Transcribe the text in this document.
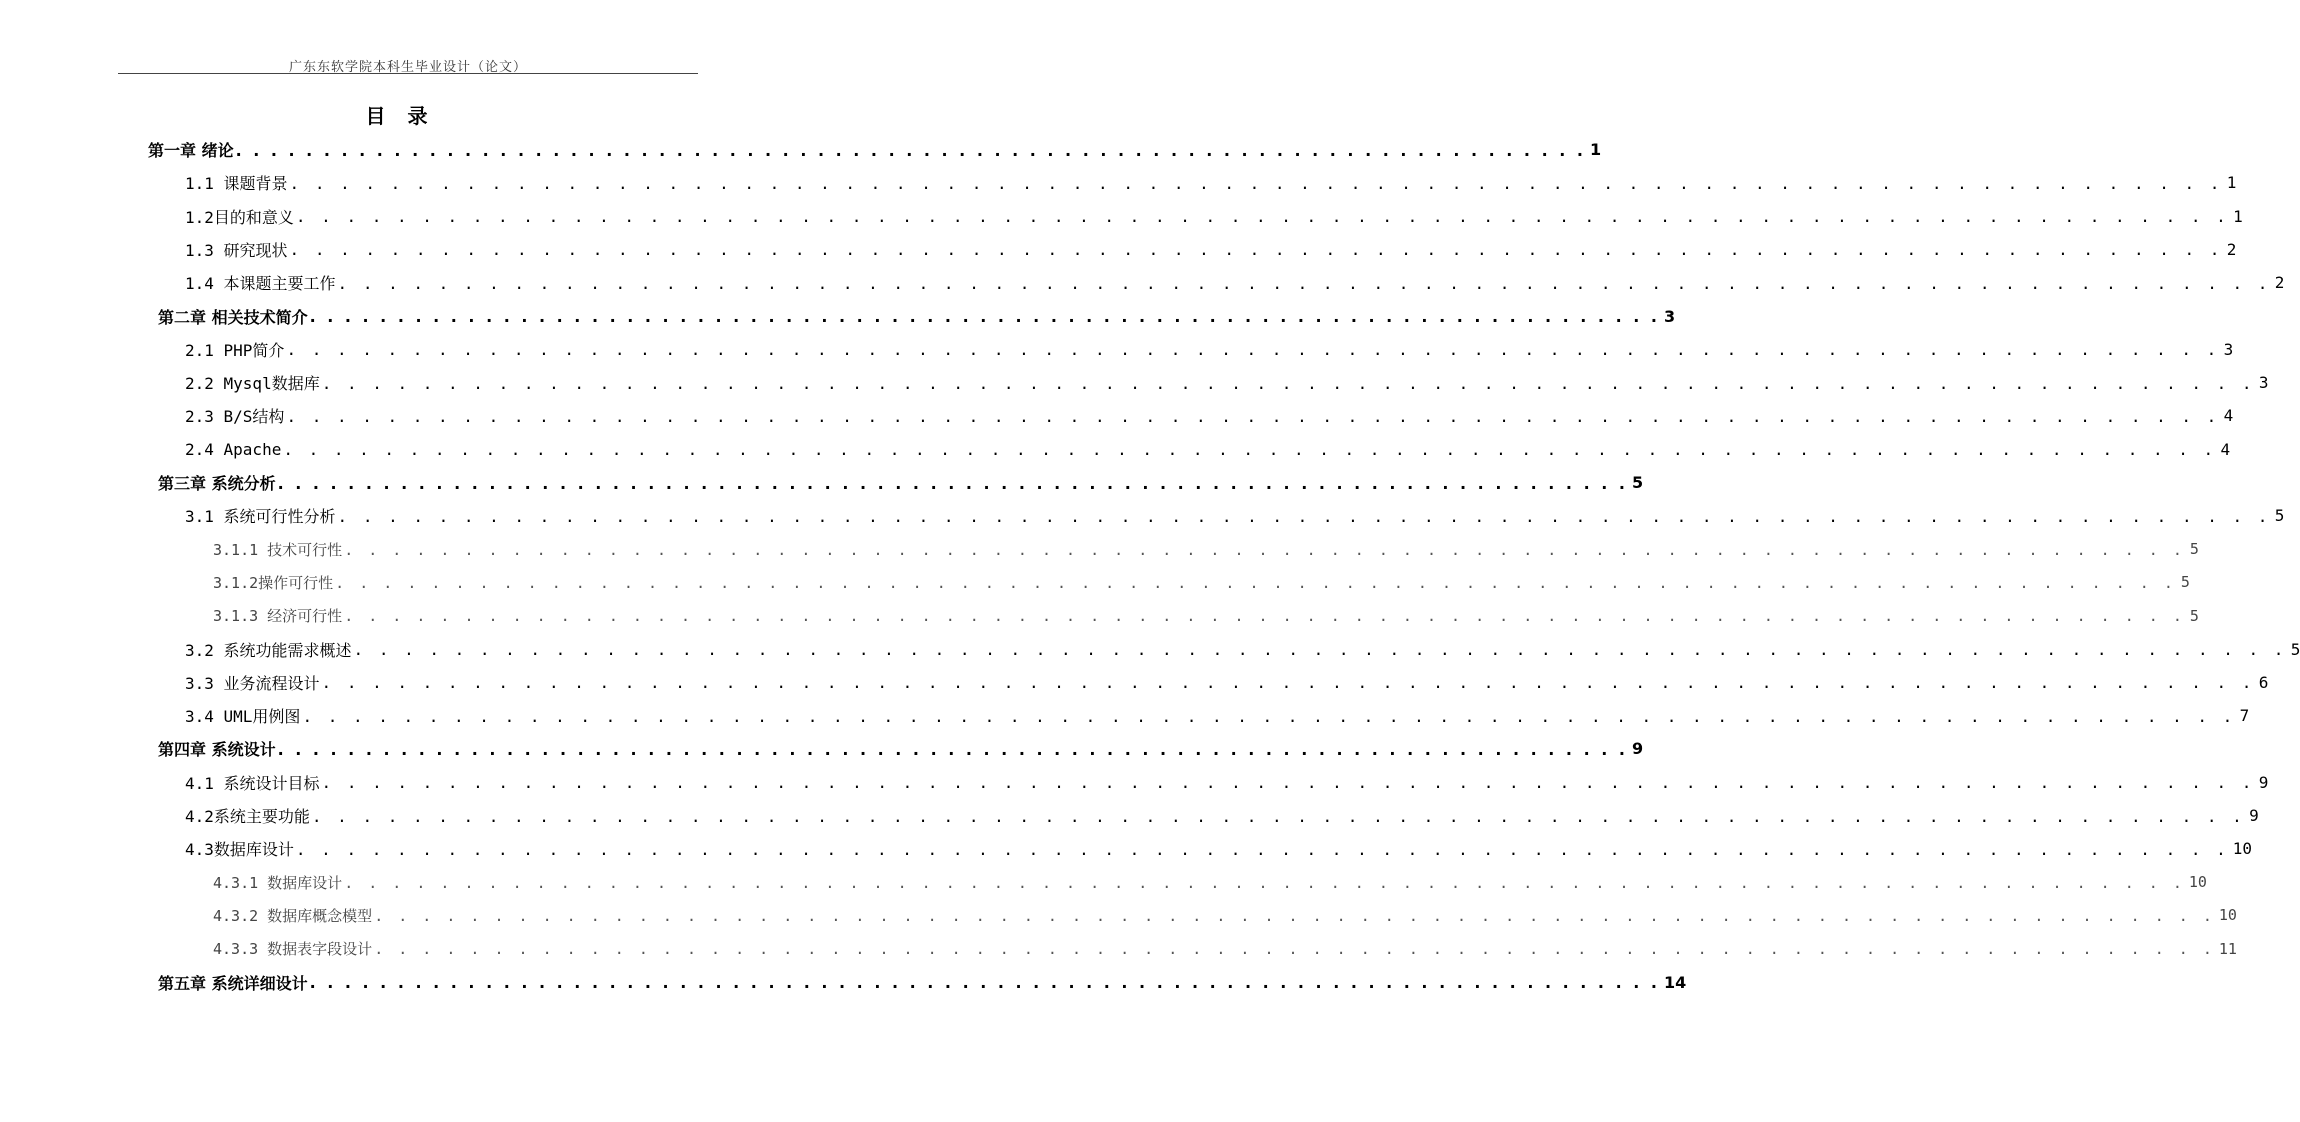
广东东软学院本科生毕业设计（论文）
目录
第一章 绪论 . . . . . . . . . . . . . . . . . . . . . . . . . . . . . . . . . . . . . . . . . . . . . . . . . . . . . . . . . . . . . . . . . . . . . . . . . . . . . 1
1.1 课题背景 . . . . . . . . . . . . . . . . . . . . . . . . . . . . . . . . . . . . . . . . . . . . . . . . . . . . . . . . . . . . . . . . . . . . . . . . . . . . . 1
1.2目的和意义 . . . . . . . . . . . . . . . . . . . . . . . . . . . . . . . . . . . . . . . . . . . . . . . . . . . . . . . . . . . . . . . . . . . . . . . . . . . . . 1
1.3 研究现状 . . . . . . . . . . . . . . . . . . . . . . . . . . . . . . . . . . . . . . . . . . . . . . . . . . . . . . . . . . . . . . . . . . . . . . . . . . . . . 2
1.4 本课题主要工作 . . . . . . . . . . . . . . . . . . . . . . . . . . . . . . . . . . . . . . . . . . . . . . . . . . . . . . . . . . . . . . . . . . . . . . . . . . . . . 2
第二章 相关技术简介 . . . . . . . . . . . . . . . . . . . . . . . . . . . . . . . . . . . . . . . . . . . . . . . . . . . . . . . . . . . . . . . . . . . . . . . . . . . . . 3
2.1 PHP简介 . . . . . . . . . . . . . . . . . . . . . . . . . . . . . . . . . . . . . . . . . . . . . . . . . . . . . . . . . . . . . . . . . . . . . . . . . . . . . 3
2.2 Mysql数据库 . . . . . . . . . . . . . . . . . . . . . . . . . . . . . . . . . . . . . . . . . . . . . . . . . . . . . . . . . . . . . . . . . . . . . . . . . . . . . 3
2.3 B/S结构 . . . . . . . . . . . . . . . . . . . . . . . . . . . . . . . . . . . . . . . . . . . . . . . . . . . . . . . . . . . . . . . . . . . . . . . . . . . . . 4
2.4 Apache . . . . . . . . . . . . . . . . . . . . . . . . . . . . . . . . . . . . . . . . . . . . . . . . . . . . . . . . . . . . . . . . . . . . . . . . . . . . . 4
第三章 系统分析 . . . . . . . . . . . . . . . . . . . . . . . . . . . . . . . . . . . . . . . . . . . . . . . . . . . . . . . . . . . . . . . . . . . . . . . . . . . . . 5
3.1 系统可行性分析 . . . . . . . . . . . . . . . . . . . . . . . . . . . . . . . . . . . . . . . . . . . . . . . . . . . . . . . . . . . . . . . . . . . . . . . . . . . . . 5
3.1.1 技术可行性 . . . . . . . . . . . . . . . . . . . . . . . . . . . . . . . . . . . . . . . . . . . . . . . . . . . . . . . . . . . . . . . . . . . . . . . . . . . . . 5
3.1.2操作可行性 . . . . . . . . . . . . . . . . . . . . . . . . . . . . . . . . . . . . . . . . . . . . . . . . . . . . . . . . . . . . . . . . . . . . . . . . . . . . . 5
3.1.3 经济可行性 . . . . . . . . . . . . . . . . . . . . . . . . . . . . . . . . . . . . . . . . . . . . . . . . . . . . . . . . . . . . . . . . . . . . . . . . . . . . . 5
3.2 系统功能需求概述 . . . . . . . . . . . . . . . . . . . . . . . . . . . . . . . . . . . . . . . . . . . . . . . . . . . . . . . . . . . . . . . . . . . . . . . . . . . . . 5
3.3 业务流程设计 . . . . . . . . . . . . . . . . . . . . . . . . . . . . . . . . . . . . . . . . . . . . . . . . . . . . . . . . . . . . . . . . . . . . . . . . . . . . . 6
3.4 UML用例图 . . . . . . . . . . . . . . . . . . . . . . . . . . . . . . . . . . . . . . . . . . . . . . . . . . . . . . . . . . . . . . . . . . . . . . . . . . . . . 7
第四章 系统设计 . . . . . . . . . . . . . . . . . . . . . . . . . . . . . . . . . . . . . . . . . . . . . . . . . . . . . . . . . . . . . . . . . . . . . . . . . . . . . 9
4.1 系统设计目标 . . . . . . . . . . . . . . . . . . . . . . . . . . . . . . . . . . . . . . . . . . . . . . . . . . . . . . . . . . . . . . . . . . . . . . . . . . . . . 9
4.2系统主要功能 . . . . . . . . . . . . . . . . . . . . . . . . . . . . . . . . . . . . . . . . . . . . . . . . . . . . . . . . . . . . . . . . . . . . . . . . . . . . . 9
4.3数据库设计 . . . . . . . . . . . . . . . . . . . . . . . . . . . . . . . . . . . . . . . . . . . . . . . . . . . . . . . . . . . . . . . . . . . . . . . . . . . . . 10
4.3.1 数据库设计 . . . . . . . . . . . . . . . . . . . . . . . . . . . . . . . . . . . . . . . . . . . . . . . . . . . . . . . . . . . . . . . . . . . . . . . . . . . . . 10
4.3.2 数据库概念模型 . . . . . . . . . . . . . . . . . . . . . . . . . . . . . . . . . . . . . . . . . . . . . . . . . . . . . . . . . . . . . . . . . . . . . . . . . . . . . 10
4.3.3 数据表字段设计 . . . . . . . . . . . . . . . . . . . . . . . . . . . . . . . . . . . . . . . . . . . . . . . . . . . . . . . . . . . . . . . . . . . . . . . . . . . . . 11
第五章 系统详细设计 . . . . . . . . . . . . . . . . . . . . . . . . . . . . . . . . . . . . . . . . . . . . . . . . . . . . . . . . . . . . . . . . . . . . . . . . . . . . . 14
